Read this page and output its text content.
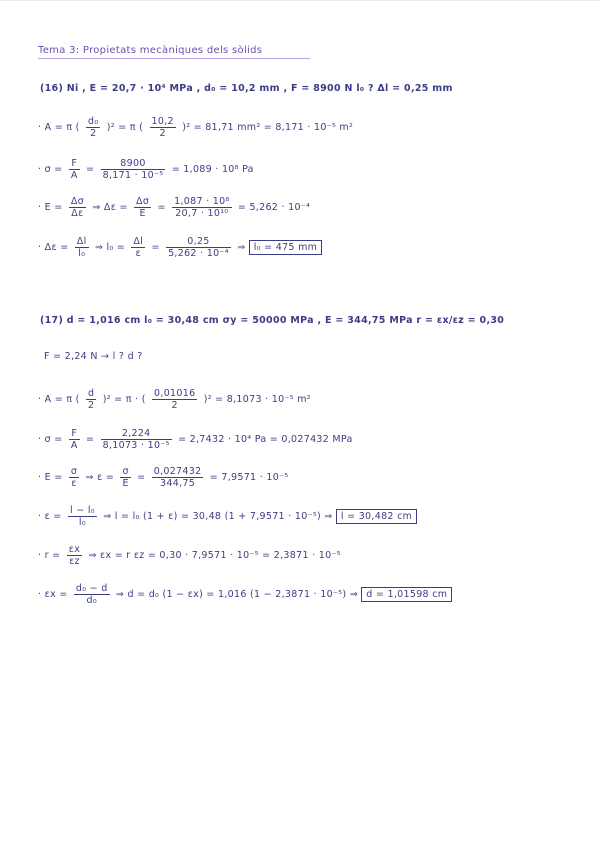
Tema 3: Propietats mecàniques dels sòlids
(16) Ni , E = 20,7 · 10⁴ MPa , d₀ = 10,2 mm , F = 8900 N l₀ ? Δl = 0,25 mm
· A = π ( $\frac{\text{d₀}}{2} )^2 = \pi$ ( $\frac{10,2}{2} )^2 = 81,71$ mm² = 8,171 · 10⁻⁵ m²
· $\sigma = \frac{F}{A} = \frac{8900}{\text{8,171 · 10⁻⁵}} = 1,089 \cdot 10^8$ Pa
· $E = \frac{\Delta\sigma}{\Delta\varepsilon}$ ⇒ $\Delta\varepsilon = \frac{\Delta\sigma}{E} = \frac{\text{1,087 · 10⁸}}{\text{20,7 · 10¹⁰}} = 5,262 \cdot 10^{-4}$
· $\Delta\varepsilon = \frac{\Delta l}{\text{l₀}}$ ⇒ $l_0 = \frac{\Delta l}{\varepsilon} = \frac{0,25}{\text{5,262 · 10⁻⁴}}$ ⇒ l₀ = 475 mm
(17) d = 1,016 cm l₀ = 30,48 cm σy = 50000 MPa , E = 344,75 MPa r = εx/εz = 0,30
F = 2,24 N → l ? d ?
· A = π ( $\frac{d}{2} )^2 = \pi$ · ( $\frac{0,01016}{2} )^2 = 8,1073 \cdot 10^{-5}$ m²
· $\sigma = \frac{F}{A} = \frac{2,224}{\text{8,1073 · 10⁻⁵}} = 2,7432 \cdot 10^4$ Pa = 0,027432 MPa
· $E = \frac{\sigma}{\varepsilon}$ ⇒ $\varepsilon = \frac{\sigma}{E} = \frac{0,027432}{344,75} = 7,9571 \cdot 10^{-5}$
· $\varepsilon = \frac{\text{l − l₀}}{\text{l₀}}$ ⇒ l = l₀ (1 + ε) = 30,48 (1 + 7,9571 · 10⁻⁵) ⇒ l = 30,482 cm
· $r = \frac{\varepsilon x}{\varepsilon z}$ ⇒ εx = r εz = 0,30 · 7,9571 · 10⁻⁵ = 2,3871 · 10⁻⁵
· $\varepsilon x = \frac{\text{d₀ − d}}{\text{d₀}}$ ⇒ d = d₀ (1 − εx) = 1,016 (1 − 2,3871 · 10⁻⁵) ⇒ d = 1,01598 cm
